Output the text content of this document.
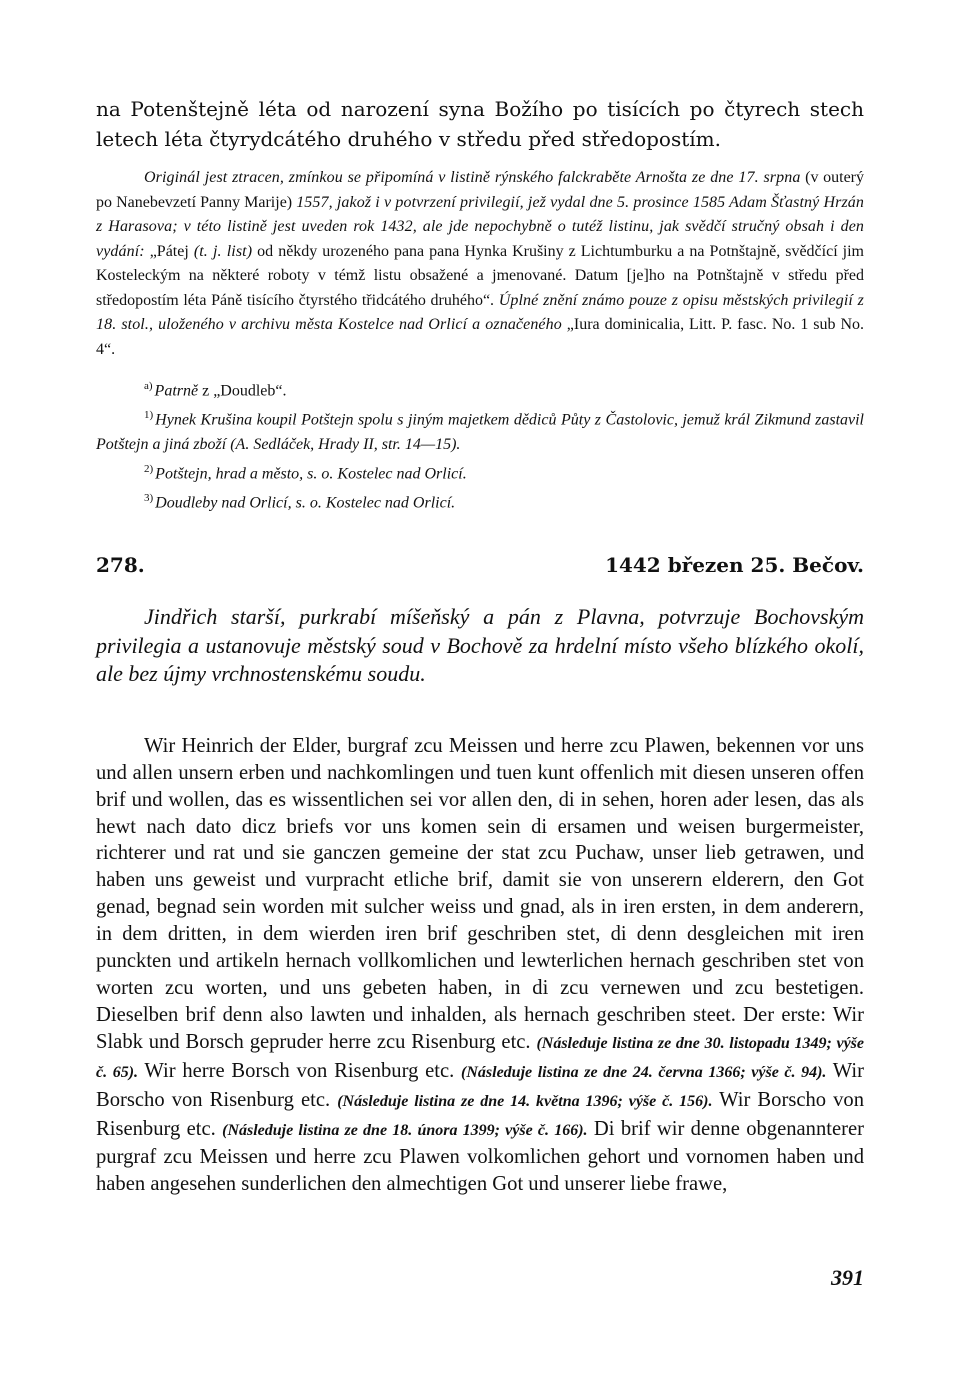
na Potenštejně léta od narození syna Božího po tisících po čtyrech stech letech léta čtyrydcátého druhého v středu před středopostím.

Originál jest ztracen, zmínkou se připomíná v listině rýnského falckraběte Arnošta ze dne 17. srpna (v outerý po Nanebevzetí Panny Marije) 1557, jakož i v potvrzení privilegií, jež vydal dne 5. prosince 1585 Adam Šťastný Hrzán z Harasova; v této listině jest uveden rok 1432, ale jde nepochybně o tutéž listinu, jak svědčí stručný obsah i den vydání: „Pátej (t. j. list) od někdy urozeného pana pana Hynka Krušiny z Lichtumburku a na Potnštajně, svědčící jim Kosteleckým na některé roboty v témž listu obsažené a jmenované. Datum [je]ho na Potnštajně v středu před středopostím léta Páně tisícího čtyrstého třidcátého druhého“. Úplné znění známo pouze z opisu městských privilegií z 18. stol., uloženého v archivu města Kostelce nad Orlicí a označeného „Iura dominicalia, Litt. P. fasc. No. 1 sub No. 4“.

$^{a)}$ Patrně z „Doudleb“.

$^{1)}$ Hynek Krušina koupil Potštejn spolu s jiným majetkem dědiců Půty z Častolovic, jemuž král Zikmund zastavil Potštejn a jiná zboží (A. Sedláček, Hrady II, str. 14—15).

$^{2)}$ Potštejn, hrad a město, s. o. Kostelec nad Orlicí.

$^{3)}$ Doudleby nad Orlicí, s. o. Kostelec nad Orlicí.

278.	1442 březen 25. Bečov.

Jindřich starší, purkrabí míšeňský a pán z Plavna, potvrzuje Bochovským privilegia a ustanovuje městský soud v Bochově za hrdelní místo všeho blízkého okolí, ale bez újmy vrchnostenskému soudu.

Wir Heinrich der Elder, burgraf zcu Meissen und herre zcu Plawen, bekennen vor uns und allen unsern erben und nachkomlingen und tuen kunt offenlich mit diesen unseren offen brif und wollen, das es wissentlichen sei vor allen den, di in sehen, horen ader lesen, das als hewt nach dato dicz briefs vor uns komen sein di ersamen und weisen burgermeister, richterer und rat und sie ganczen gemeine der stat zcu Puchaw, unser lieb getrawen, und haben uns geweist und vurpracht etliche brif, damit sie von unserern elderern, den Got genad, begnad sein worden mit sulcher weiss und gnad, als in iren ersten, in dem anderern, in dem dritten, in dem wierden iren brif geschriben stet, di denn desgleichen mit iren punckten und artikeln hernach vollkomlichen und lewterlichen hernach geschriben stet von worten zcu worten, und uns gebeten haben, in di zcu vernewen und zcu bestetigen. Dieselben brif denn also lawten und inhalden, als hernach geschriben steet. Der erste: Wir Slabk und Borsch gepruder herre zcu Risenburg etc. (Následuje listina ze dne 30. listopadu 1349; výše č. 65). Wir herre Borsch von Risenburg etc. (Následuje listina ze dne 24. června 1366; výše č. 94). Wir Borscho von Risenburg etc. (Následuje listina ze dne 14. května 1396; výše č. 156). Wir Borscho von Risenburg etc. (Následuje listina ze dne 18. února 1399; výše č. 166). Di brif wir denne obgenannterer purgraf zcu Meissen und herre zcu Plawen volkomlichen gehort und vornomen haben und haben angesehen sunderlichen den almechtigen Got und unserer liebe frawe,

391
